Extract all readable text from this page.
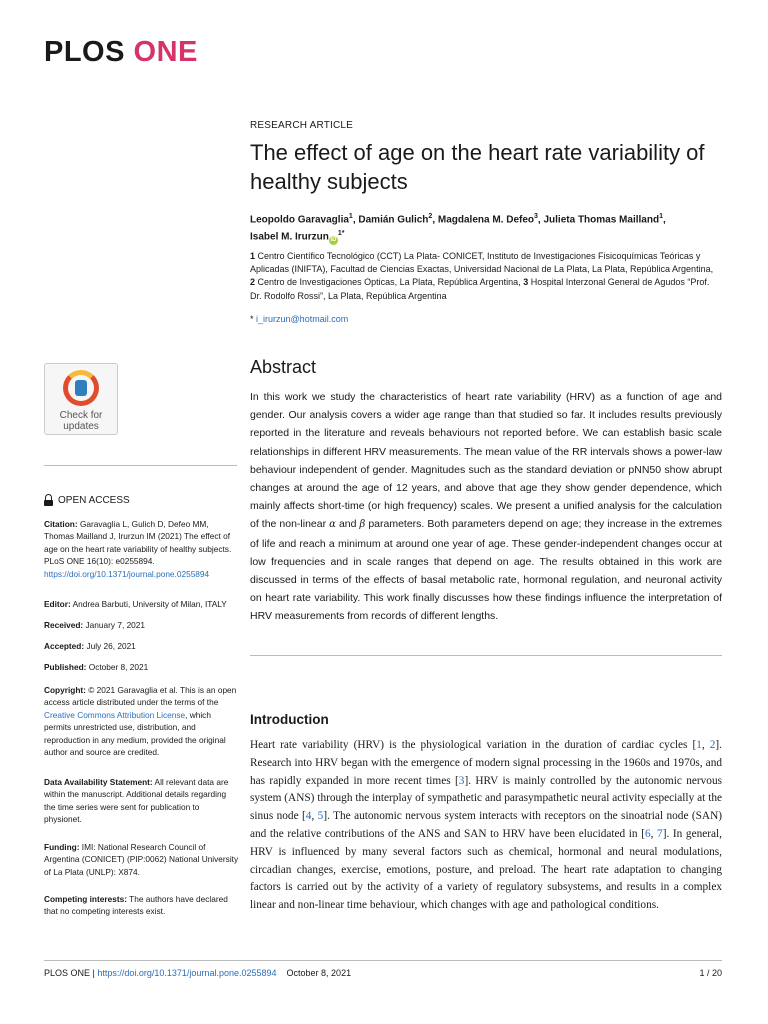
PLOS ONE
RESEARCH ARTICLE
The effect of age on the heart rate variability of healthy subjects
Leopoldo Garavaglia$^1$, Damián Gulich$^2$, Magdalena M. Defeo$^3$, Julieta Thomas Mailland$^1$,
Isabel M. Irurzun $iD^{1*}$
1 Centro Científico Tecnológico (CCT) La Plata- CONICET, Instituto de Investigaciones Fisicoquímicas Teóricas y Aplicadas (INIFTA), Facultad de Ciencias Exactas, Universidad Nacional de La Plata, La Plata, República Argentina, 2 Centro de Investigaciones Opticas, La Plata, República Argentina, 3 Hospital Interzonal General de Agudos “Prof. Dr. Rodolfo Rossi”, La Plata, República Argentina
* i_irurzun@hotmail.com
Abstract
In this work we study the characteristics of heart rate variability (HRV) as a function of age and gender. Our analysis covers a wider age range than that studied so far. It includes results previously reported in the literature and reveals behaviours not reported before. We can establish basic scale relationships in different HRV measurements. The mean value of the RR intervals shows a power-law behaviour independent of gender. Magnitudes such as the standard deviation or pNN50 show abrupt changes at around the age of 12 years, and above that age they show gender dependence, which mainly affects short-time (or high frequency) scales. We present a unified analysis for the calculation of the non-linear α and β parameters. Both parameters depend on age; they increase in the extremes of life and reach a minimum at around one year of age. These gender-independent changes occur at low frequencies and in scale ranges that depend on age. The results obtained in this work are discussed in terms of the effects of basal metabolic rate, hormonal regulation, and neuronal activity on heart rate variability. This work finally discusses how these findings influence the interpretation of HRV measurements from records of different lengths.
Introduction
Heart rate variability (HRV) is the physiological variation in the duration of cardiac cycles [1, 2]. Research into HRV began with the emergence of modern signal processing in the 1960s and 1970s, and has rapidly expanded in more recent times [3]. HRV is mainly controlled by the autonomic nervous system (ANS) through the interplay of sympathetic and parasympathetic neural activity especially at the sinus node [4, 5]. The autonomic nervous system interacts with receptors on the sinoatrial node (SAN) and the relative contributions of the ANS and SAN to HRV have been elucidated in [6, 7]. In general, HRV is influenced by many several factors such as chemical, hormonal and neural modulations, circadian changes, exercise, emotions, posture, and preload. The heart rate adaptation to changing factors is carried out by the activity of a variety of regulatory subsystems, and results in a complex linear and non-linear time behaviour, which changes with age and pathological conditions.
Check for
updates
OPEN ACCESS
Citation: Garavaglia L, Gulich D, Defeo MM, Thomas Mailland J, Irurzun IM (2021) The effect of age on the heart rate variability of healthy subjects. PLoS ONE 16(10): e0255894. https://doi.org/10.1371/journal.pone.0255894
Editor: Andrea Barbuti, University of Milan, ITALY
Received: January 7, 2021
Accepted: July 26, 2021
Published: October 8, 2021
Copyright: © 2021 Garavaglia et al. This is an open access article distributed under the terms of the Creative Commons Attribution License, which permits unrestricted use, distribution, and reproduction in any medium, provided the original author and source are credited.
Data Availability Statement: All relevant data are within the manuscript. Additional details regarding the time series were sent for publication to physionet.
Funding: IMI: National Research Council of Argentina (CONICET) (PIP:0062) National University of La Plata (UNLP): X874.
Competing interests: The authors have declared that no competing interests exist.
PLOS ONE | https://doi.org/10.1371/journal.pone.0255894 October 8, 2021	1 / 20
